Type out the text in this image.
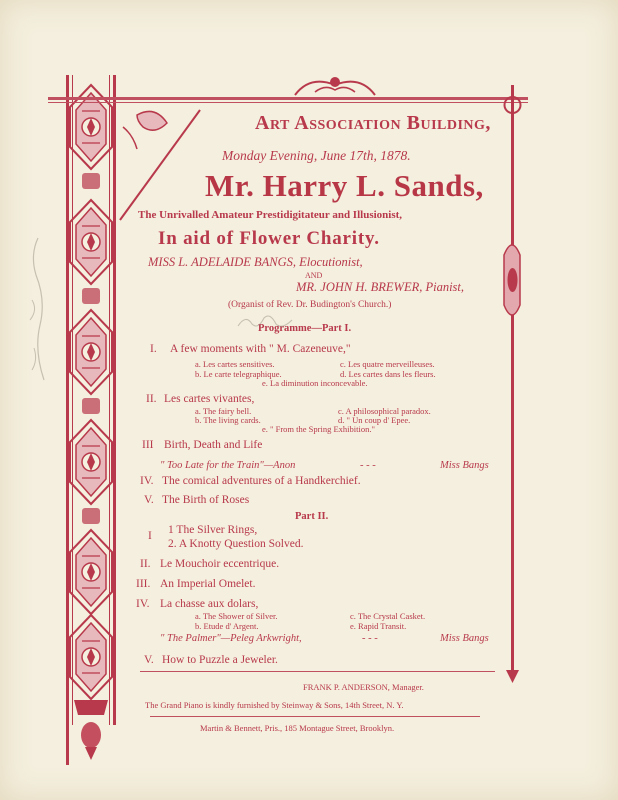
Art Association Building,
Monday Evening, June 17th, 1878.
Mr. Harry L. Sands,
The Unrivalled Amateur Prestidigitateur and Illusionist,
In aid of Flower Charity.
MISS L. ADELAIDE BANGS, Elocutionist,
AND
MR. JOHN H. BREWER, Pianist,
(Organist of Rev. Dr. Budington's Church.)
Programme—Part I.
I. A few moments with " M. Cazeneuve,"
a. Les cartes sensitives.
b. Le carte telegraphique.
c. Les quatre merveilleuses.
d. Les cartes dans les fleurs.
e. La diminution inconcevable.
II. Les cartes vivantes,
a. The fairy bell.
b. The living cards.
c. A philosophical paradox.
d. " Un coup d' Epee.
e. " From the Spring Exhibition."
III Birth, Death and Life
" Too Late for the Train"—Anon	- - -	Miss Bangs
IV. The comical adventures of a Handkerchief.
V. The Birth of Roses
Part II.
I 1 The Silver Rings,
2. A Knotty Question Solved.
II. Le Mouchoir eccentrique.
III. An Imperial Omelet.
IV. La chasse aux dolars,
a. The Shower of Silver.
b. Etude d' Argent.
c. The Crystal Casket.
e. Rapid Transit.
" The Palmer"—Peleg Arkwright,	- - -	Miss Bangs
V. How to Puzzle a Jeweler.
FRANK P. ANDERSON, Manager.
The Grand Piano is kindly furnished by Steinway & Sons, 14th Street, N. Y.
Martin & Bennett, Pris., 185 Montague Street, Brooklyn.
